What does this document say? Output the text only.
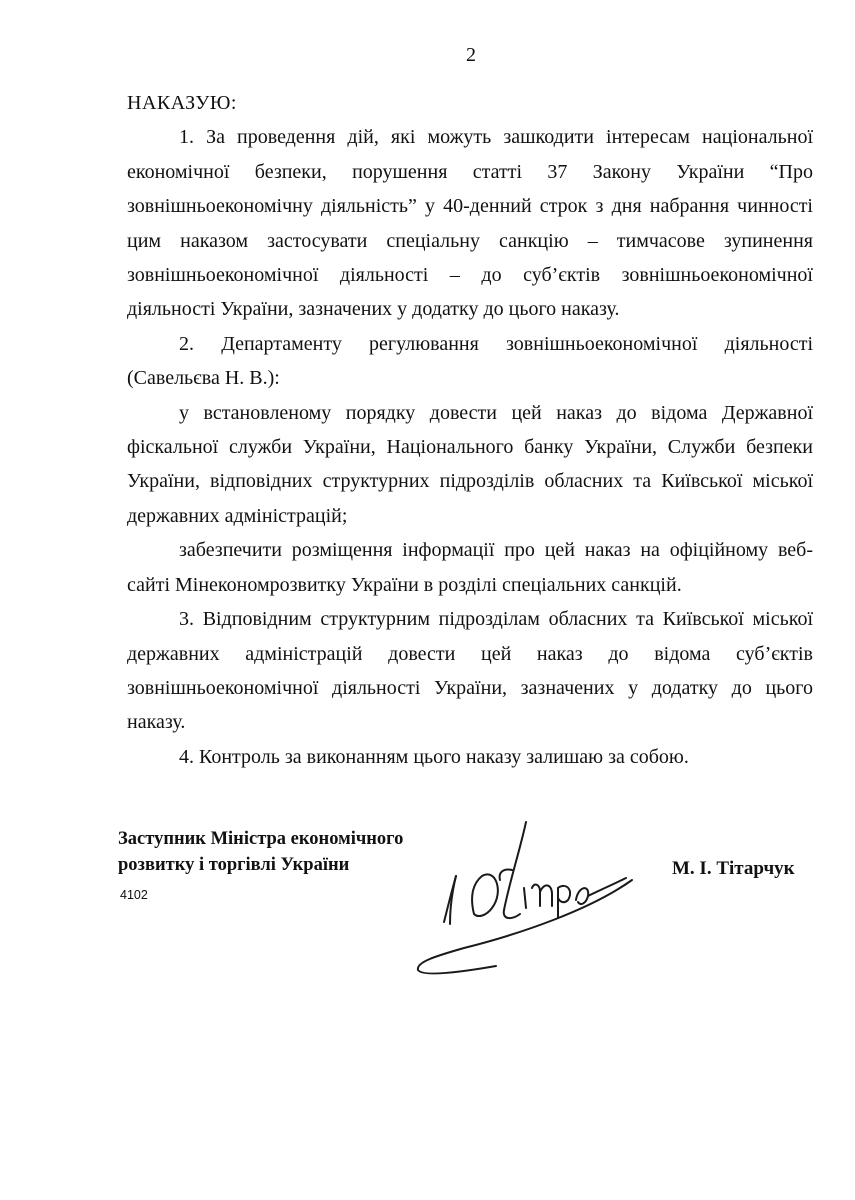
2

НАКАЗУЮ:

1. За проведення дій, які можуть зашкодити інтересам національної економічної безпеки, порушення статті 37 Закону України “Про зовнішньоекономічну діяльність” у 40-денний строк з дня набрання чинності цим наказом застосувати спеціальну санкцію – тимчасове зупинення зовнішньоекономічної діяльності – до суб’єктів зовнішньоекономічної діяльності України, зазначених у додатку до цього наказу.

2. Департаменту регулювання зовнішньоекономічної діяльності (Савельєва Н. В.):

у встановленому порядку довести цей наказ до відома Державної фіскальної служби України, Національного банку України, Служби безпеки України, відповідних структурних підрозділів обласних та Київської міської державних адміністрацій;

забезпечити розміщення інформації про цей наказ на офіційному веб-сайті Мінекономрозвитку України в розділі спеціальних санкцій.

3. Відповідним структурним підрозділам обласних та Київської міської державних адміністрацій довести цей наказ до відома суб’єктів зовнішньоекономічної діяльності України, зазначених у додатку до цього наказу.

4. Контроль за виконанням цього наказу залишаю за собою.

Заступник Міністра економічного
розвитку і торгівлі України
4102
М. І. Тітарчук
